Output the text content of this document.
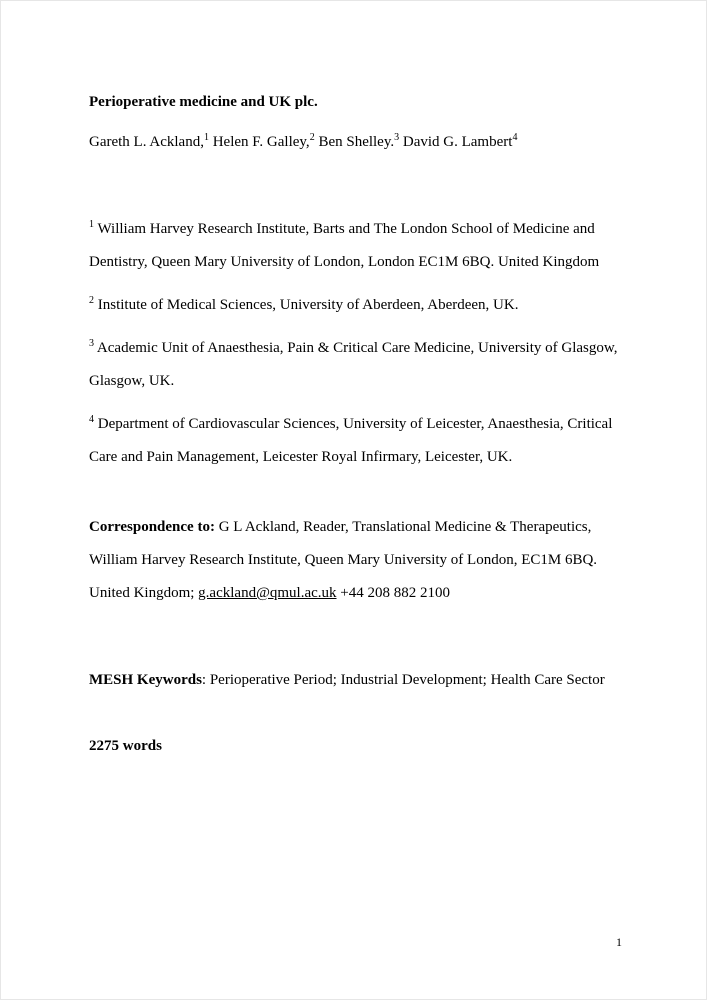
Perioperative medicine and UK plc.

Gareth L. Ackland,$^1$ Helen F. Galley,$^2$ Ben Shelley.$^3$ David G. Lambert$^4$

$^1$ William Harvey Research Institute, Barts and The London School of Medicine and Dentistry, Queen Mary University of London, London EC1M 6BQ. United Kingdom

$^2$ Institute of Medical Sciences, University of Aberdeen, Aberdeen, UK.

$^3$ Academic Unit of Anaesthesia, Pain & Critical Care Medicine, University of Glasgow, Glasgow, UK.

$^4$ Department of Cardiovascular Sciences, University of Leicester, Anaesthesia, Critical Care and Pain Management, Leicester Royal Infirmary, Leicester, UK.

Correspondence to: G L Ackland, Reader, Translational Medicine & Therapeutics, William Harvey Research Institute, Queen Mary University of London, EC1M 6BQ. United Kingdom; g.ackland@qmul.ac.uk +44 208 882 2100

MESH Keywords: Perioperative Period; Industrial Development; Health Care Sector

2275 words

1
